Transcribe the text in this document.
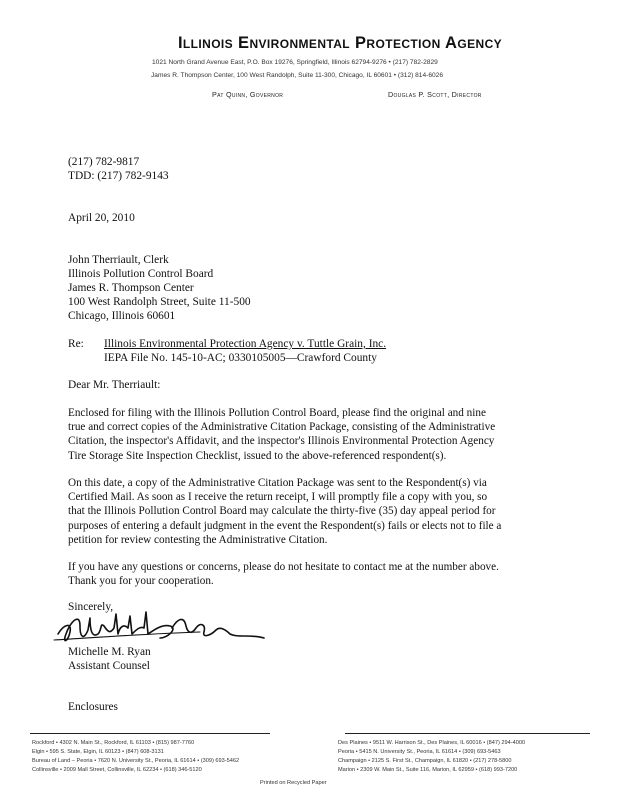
Illinois Environmental Protection Agency
1021 North Grand Avenue East, P.O. Box 19276, Springfield, Illinois 62794-9276 • (217) 782-2829
James R. Thompson Center, 100 West Randolph, Suite 11-300, Chicago, IL 60601 • (312) 814-6026
Pat Quinn, Governor	Douglas P. Scott, Director
(217) 782-9817
TDD: (217) 782-9143
April 20, 2010
John Therriault, Clerk
Illinois Pollution Control Board
James R. Thompson Center
100 West Randolph Street, Suite 11-500
Chicago, Illinois 60601
Re: Illinois Environmental Protection Agency v. Tuttle Grain, Inc.
IEPA File No. 145-10-AC; 0330105005—Crawford County
Dear Mr. Therriault:
Enclosed for filing with the Illinois Pollution Control Board, please find the original and nine
true and correct copies of the Administrative Citation Package, consisting of the Administrative
Citation, the inspector's Affidavit, and the inspector's Illinois Environmental Protection Agency
Tire Storage Site Inspection Checklist, issued to the above-referenced respondent(s).
On this date, a copy of the Administrative Citation Package was sent to the Respondent(s) via
Certified Mail. As soon as I receive the return receipt, I will promptly file a copy with you, so
that the Illinois Pollution Control Board may calculate the thirty-five (35) day appeal period for
purposes of entering a default judgment in the event the Respondent(s) fails or elects not to file a
petition for review contesting the Administrative Citation.
If you have any questions or concerns, please do not hesitate to contact me at the number above.
Thank you for your cooperation.
Sincerely,
Michelle M. Ryan
Assistant Counsel
Enclosures
Rockford • 4302 N. Main St., Rockford, IL 61103 • (815) 987-7760
Elgin • 595 S. State, Elgin, IL 60123 • (847) 608-3131
Bureau of Land – Peoria • 7620 N. University St., Peoria, IL 61614 • (309) 693-5462
Collinsville • 2009 Mall Street, Collinsville, IL 62234 • (618) 346-5120
Des Plaines • 9511 W. Harrison St., Des Plaines, IL 60016 • (847) 294-4000
Peoria • 5415 N. University St., Peoria, IL 61614 • (309) 693-5463
Champaign • 2125 S. First St., Champaign, IL 61820 • (217) 278-5800
Marion • 2309 W. Main St., Suite 116, Marion, IL 62959 • (618) 993-7200
Printed on Recycled Paper
